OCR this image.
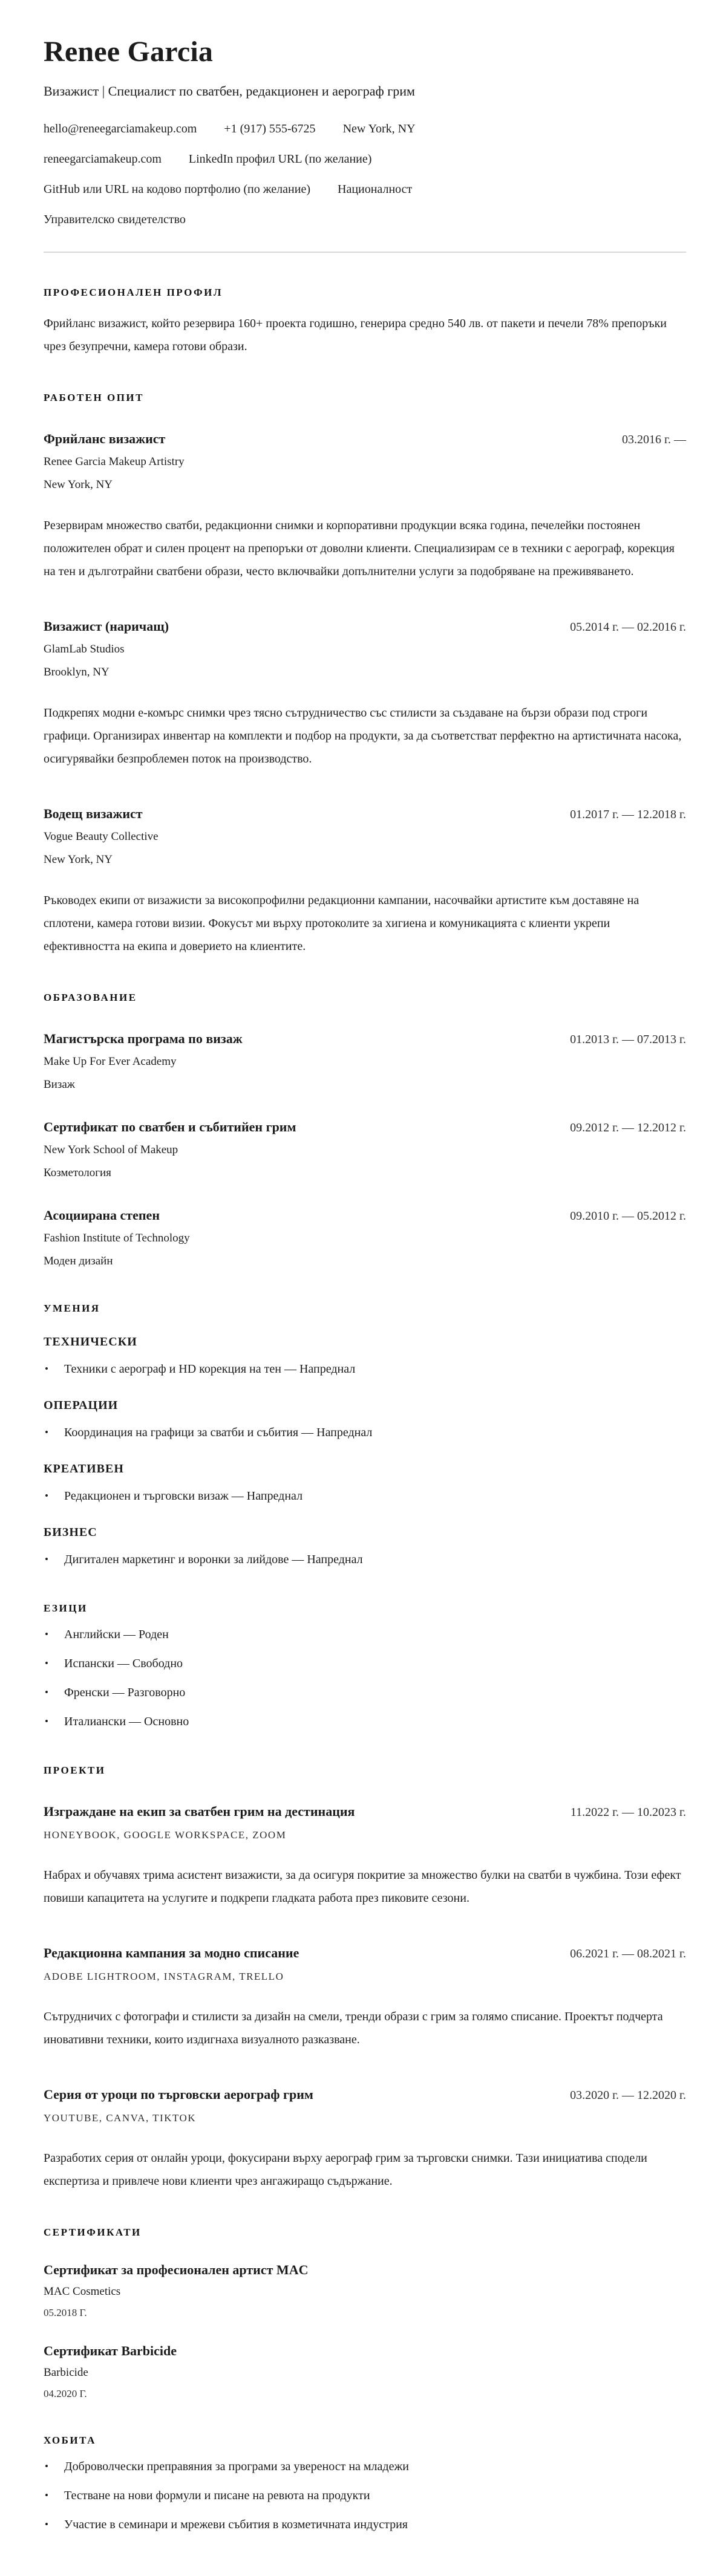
Renee Garcia
Визажист | Специалист по сватбен, редакционен и аерограф грим
hello@reneegarciamakeup.com +1 (917) 555-6725 New York, NY
reneegarciamakeup.com LinkedIn профил URL (по желание)
GitHub или URL на кодово портфолио (по желание) Националност
Управителско свидетелство
ПРОФЕСИОНАЛЕН ПРОФИЛ

Фрийланс визажист, който резервира 160+ проекта годишно, генерира средно 540 лв. от пакети и печели 78% препоръки чрез безупречни, камера готови образи.

РАБОТЕН ОПИТ
Фрийланс визажист	03.2016 г. —
Renee Garcia Makeup Artistry
New York, NY

Резервирам множество сватби, редакционни снимки и корпоративни продукции всяка година, печелейки постоянен положителен обрат и силен процент на препоръки от доволни клиенти. Специализирам се в техники с аерограф, корекция на тен и дълготрайни сватбени образи, често включвайки допълнителни услуги за подобряване на преживяването.

Визажист (наричащ)	05.2014 г. — 02.2016 г.
GlamLab Studios
Brooklyn, NY

Подкрепях модни е-комърс снимки чрез тясно сътрудничество със стилисти за създаване на бързи образи под строги графици. Организирах инвентар на комплекти и подбор на продукти, за да съответстват перфектно на артистичната насока, осигурявайки безпроблемен поток на производство.

Водещ визажист	01.2017 г. — 12.2018 г.
Vogue Beauty Collective
New York, NY

Ръководех екипи от визажисти за високопрофилни редакционни кампании, насочвайки артистите към доставяне на сплотени, камера готови визии. Фокусът ми върху протоколите за хигиена и комуникацията с клиенти укрепи ефективността на екипа и доверието на клиентите.

ОБРАЗОВАНИЕ
Магистърска програма по визаж	01.2013 г. — 07.2013 г.
Make Up For Ever Academy
Визаж
Сертификат по сватбен и събитийен грим	09.2012 г. — 12.2012 г.
New York School of Makeup
Козметология
Асоциирана степен	09.2010 г. — 05.2012 г.
Fashion Institute of Technology
Моден дизайн
УМЕНИЯ
ТЕХНИЧЕСКИ
• Техники с аерограф и HD корекция на тен — Напреднал
ОПЕРАЦИИ
• Координация на графици за сватби и събития — Напреднал
КРЕАТИВЕН
• Редакционен и търговски визаж — Напреднал
БИЗНЕС
• Дигитален маркетинг и воронки за лийдове — Напреднал
ЕЗИЦИ
• Английски — Роден
• Испански — Свободно
• Френски — Разговорно
• Италиански — Основно
ПРОЕКТИ
Изграждане на екип за сватбен грим на дестинация	11.2022 г. — 10.2023 г.
HONEYBOOK, GOOGLE WORKSPACE, ZOOM

Набрах и обучавях трима асистент визажисти, за да осигуря покритие за множество булки на сватби в чужбина. Този ефект повиши капацитета на услугите и подкрепи гладката работа през пиковите сезони.

Редакционна кампания за модно списание	06.2021 г. — 08.2021 г.
ADOBE LIGHTROOM, INSTAGRAM, TRELLO

Сътрудничих с фотографи и стилисти за дизайн на смели, тренди образи с грим за голямо списание. Проектът подчерта иновативни техники, които издигнаха визуалното разказване.

Серия от уроци по търговски аерограф грим	03.2020 г. — 12.2020 г.
YOUTUBE, CANVA, TIKTOK

Разработих серия от онлайн уроци, фокусирани върху аерограф грим за търговски снимки. Тази инициатива сподели експертиза и привлече нови клиенти чрез ангажиращо съдържание.

СЕРТИФИКАТИ
Сертификат за професионален артист MAC
MAC Cosmetics
05.2018 Г.
Сертификат Barbicide
Barbicide
04.2020 Г.
ХОБИТА
• Доброволчески преправяния за програми за увереност на младежи
• Тестване на нови формули и писане на ревюта на продукти
• Участие в семинари и мрежеви събития в козметичната индустрия
